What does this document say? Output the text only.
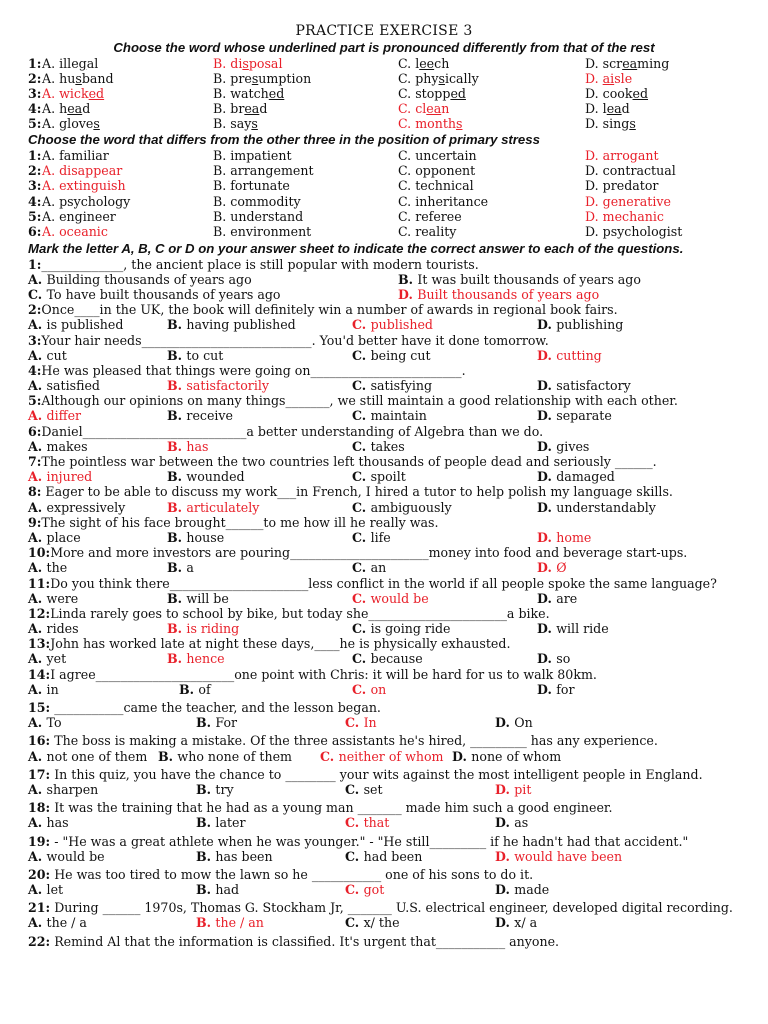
PRACTICE EXERCISE 3
Choose the word whose underlined part is pronounced differently from that of the rest
1: A. illegal	B. disposal	C. leech	D. screaming
2: A. husband	B. presumption	C. physically	D. aisle
3: A. wicked	B. watched	C. stopped	D. cooked
4: A. head	B. bread	C. clean	D. lead
5: A. gloves	B. says	C. months	D. sings
Choose the word that differs from the other three in the position of primary stress
1: A. familiar	B. impatient	C. uncertain	D. arrogant
2: A. disappear	B. arrangement	C. opponent	D. contractual
3: A. extinguish	B. fortunate	C. technical	D. predator
4: A. psychology	B. commodity	C. inheritance	D. generative
5: A. engineer	B. understand	C. referee	D. mechanic
6: A. oceanic	B. environment	C. reality	D. psychologist
Mark the letter A, B, C or D on your answer sheet to indicate the correct answer to each of the questions.
1:_____________, the ancient place is still popular with modern tourists.
A. Building thousands of years ago	B. It was built thousands of years ago
C. To have built thousands of years ago	D. Built thousands of years ago
2:Once____in the UK, the book will definitely win a number of awards in regional book fairs.
A. is published	B. having published	C. published	D. publishing
3:Your hair needs___________________________. You'd better have it done tomorrow.
A. cut	B. to cut	C. being cut	D. cutting
4:He was pleased that things were going on________________________.
A. satisfied	B. satisfactorily	C. satisfying	D. satisfactory
5:Although our opinions on many things_______, we still maintain a good relationship with each other.
A. differ	B. receive	C. maintain	D. separate
6:Daniel__________________________a better understanding of Algebra than we do.
A. makes	B. has	C. takes	D. gives
7:The pointless war between the two countries left thousands of people dead and seriously ______.
A. injured	B. wounded	C. spoilt	D. damaged
8: Eager to be able to discuss my work___in French, I hired a tutor to help polish my language skills.
A. expressively	B. articulately	C. ambiguously	D. understandably
9:The sight of his face brought______to me how ill he really was.
A. place	B. house	C. life	D. home
10:More and more investors are pouring______________________money into food and beverage start-ups.
A. the	B. a	C. an	D. Ø
11:Do you think there______________________less conflict in the world if all people spoke the same language?
A. were	B. will be	C. would be	D. are
12:Linda rarely goes to school by bike, but today she______________________a bike.
A. rides	B. is riding	C. is going ride	D. will ride
13:John has worked late at night these days,____he is physically exhausted.
A. yet	B. hence	C. because	D. so
14:I agree______________________one point with Chris: it will be hard for us to walk 80km.
A. in	B. of	C. on	D. for
15: ___________came the teacher, and the lesson began.
A. To	B. For	C. In	D. On
16: The boss is making a mistake. Of the three assistants he's hired, _________ has any experience.
A. not one of them B. who none of them C. neither of whom D. none of whom
17: In this quiz, you have the chance to ________ your wits against the most intelligent people in England.
A. sharpen	B. try	C. set	D. pit
18: It was the training that he had as a young man _______ made him such a good engineer.
A. has	B. later	C. that	D. as
19: - "He was a great athlete when he was younger." - "He still_________ if he hadn't had that accident."
A. would be	B. has been	C. had been	D. would have been
20: He was too tired to mow the lawn so he ___________ one of his sons to do it.
A. let	B. had	C. got	D. made
21: During ______ 1970s, Thomas G. Stockham Jr, _______ U.S. electrical engineer, developed digital recording.
A. the / a	B. the / an	C. x/ the	D. x/ a
22: Remind Al that the information is classified. It's urgent that___________ anyone.
